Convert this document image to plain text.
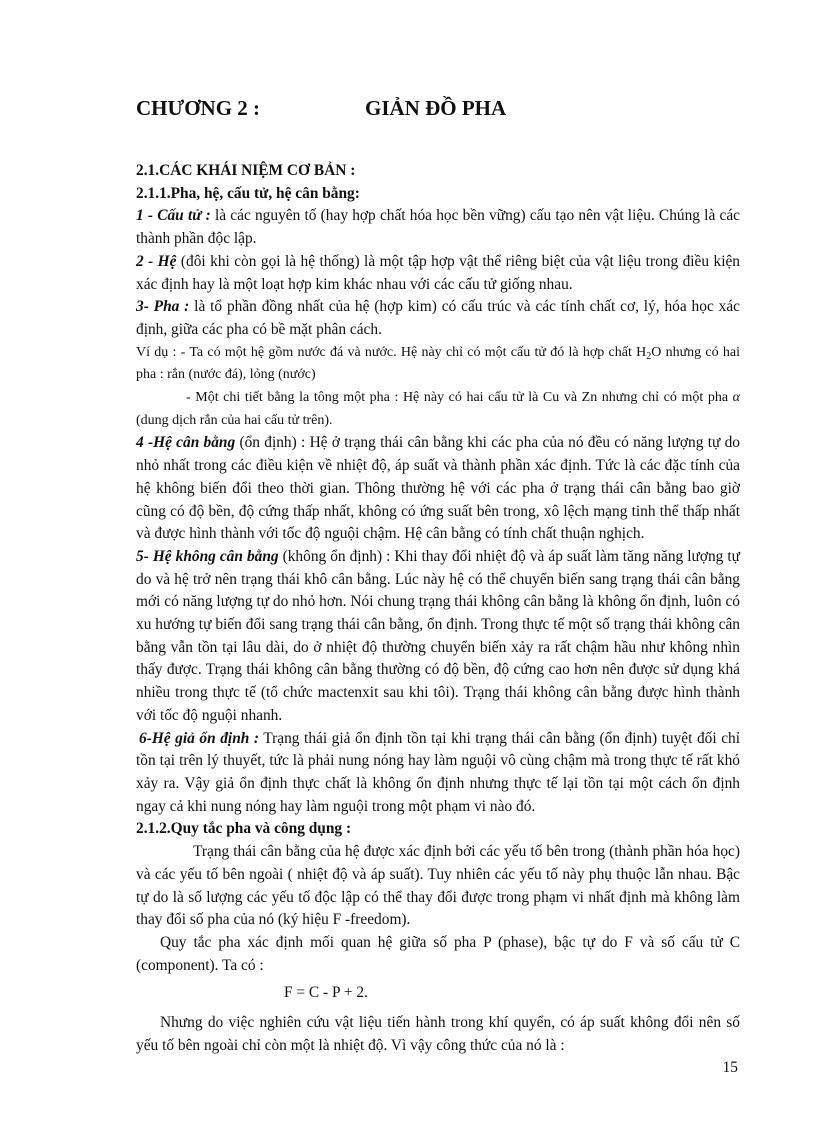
CHƯƠNG 2 :	GIẢN ĐỒ PHA

2.1.CÁC KHÁI NIỆM CƠ BẢN :

2.1.1.Pha, hệ, cấu tử, hệ cân bằng:

1 - Cấu tử : là các nguyên tố (hay hợp chất hóa học bền vững) cấu tạo nên vật liệu. Chúng là các thành phần độc lập.

2 - Hệ (đôi khi còn gọi là hệ thống) là một tập hợp vật thể riêng biệt của vật liệu trong điều kiện xác định hay là một loạt hợp kim khác nhau với các cấu tử giống nhau.

3- Pha : là tổ phần đồng nhất của hệ (hợp kim) có cấu trúc và các tính chất cơ, lý, hóa học xác định, giữa các pha có bề mặt phân cách.

Ví dụ : - Ta có một hệ gồm nước đá và nước. Hệ này chỉ có một cấu tử đó là hợp chất $H_2O$ nhưng có hai pha : rắn (nước đá), lỏng (nước)

- Một chi tiết bằng la tông một pha : Hệ này có hai cấu tử là Cu và Zn nhưng chỉ có một pha α (dung dịch rắn của hai cấu tử trên).

4 -Hệ cân bằng (ổn định) : Hệ ở trạng thái cân bằng khi các pha của nó đều có năng lượng tự do nhỏ nhất trong các điều kiện về nhiệt độ, áp suất và thành phần xác định. Tức là các đặc tính của hệ không biến đổi theo thời gian. Thông thường hệ với các pha ở trạng thái cân bằng bao giờ cũng có độ bền, độ cứng thấp nhất, không có ứng suất bên trong, xô lệch mạng tinh thể thấp nhất và được hình thành với tốc độ nguội chậm. Hệ cân bằng có tính chất thuận nghịch.

5- Hệ không cân bằng (không ổn định) : Khi thay đổi nhiệt độ và áp suất làm tăng năng lượng tự do và hệ trở nên trạng thái khô cân bằng. Lúc này hệ có thể chuyển biến sang trạng thái cân bằng mới có năng lượng tự do nhỏ hơn. Nói chung trạng thái không cân bằng là không ổn định, luôn có xu hướng tự biến đổi sang trạng thái cân bằng, ổn định. Trong thực tế một số trạng thái không cân bằng vẫn tồn tại lâu dài, do ở nhiệt độ thường chuyển biến xảy ra rất chậm hầu như không nhìn thấy được. Trạng thái không cân bằng thường có độ bền, độ cứng cao hơn nên được sử dụng khá nhiều trong thực tế (tổ chức mactenxit sau khi tôi). Trạng thái không cân bằng được hình thành với tốc độ nguội nhanh.

6-Hệ giả ổn định : Trạng thái giả ổn định tồn tại khi trạng thái cân bằng (ổn định) tuyệt đối chỉ tồn tại trên lý thuyết, tức là phải nung nóng hay làm nguội vô cùng chậm mà trong thực tế rất khó xảy ra. Vậy giả ổn định thực chất là không ổn định nhưng thực tế lại tồn tại một cách ổn định ngay cả khi nung nóng hay làm nguội trong một phạm vi nào đó.

2.1.2.Quy tắc pha và công dụng :

Trạng thái cân bằng của hệ được xác định bởi các yếu tố bên trong (thành phần hóa học) và các yếu tố bên ngoài ( nhiệt độ và áp suất). Tuy nhiên các yếu tố này phụ thuộc lẫn nhau. Bậc tự do là số lượng các yếu tố độc lập có thể thay đổi được trong phạm vi nhất định mà không làm thay đổi số pha của nó (ký hiệu F -freedom).

Quy tắc pha xác định mối quan hệ giữa số pha P (phase), bậc tự do F và số cấu tử C (component). Ta có :

F = C - P + 2.

Nhưng do việc nghiên cứu vật liệu tiến hành trong khí quyển, có áp suất không đổi nên số yếu tố bên ngoài chỉ còn một là nhiệt độ. Vì vậy công thức của nó là :

15
